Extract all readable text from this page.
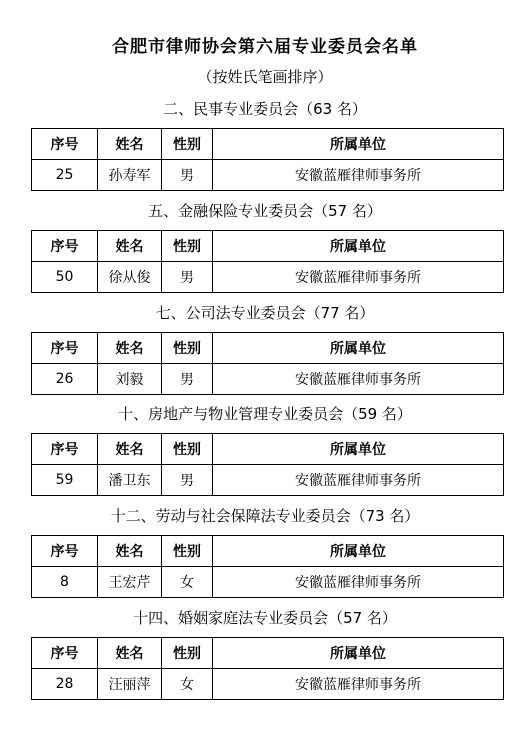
合肥市律师协会第六届专业委员会名单
（按姓氏笔画排序）
二、民事专业委员会（63 名）
序号	姓名	性别	所属单位
25	孙寿军	男	安徽蓝雁律师事务所
五、金融保险专业委员会（57 名）
序号	姓名	性别	所属单位
50	徐从俊	男	安徽蓝雁律师事务所
七、公司法专业委员会（77 名）
序号	姓名	性别	所属单位
26	刘毅	男	安徽蓝雁律师事务所
十、房地产与物业管理专业委员会（59 名）
序号	姓名	性别	所属单位
59	潘卫东	男	安徽蓝雁律师事务所
十二、劳动与社会保障法专业委员会（73 名）
序号	姓名	性别	所属单位
8	王宏芹	女	安徽蓝雁律师事务所
十四、婚姻家庭法专业委员会（57 名）
序号	姓名	性别	所属单位
28	汪丽萍	女	安徽蓝雁律师事务所
